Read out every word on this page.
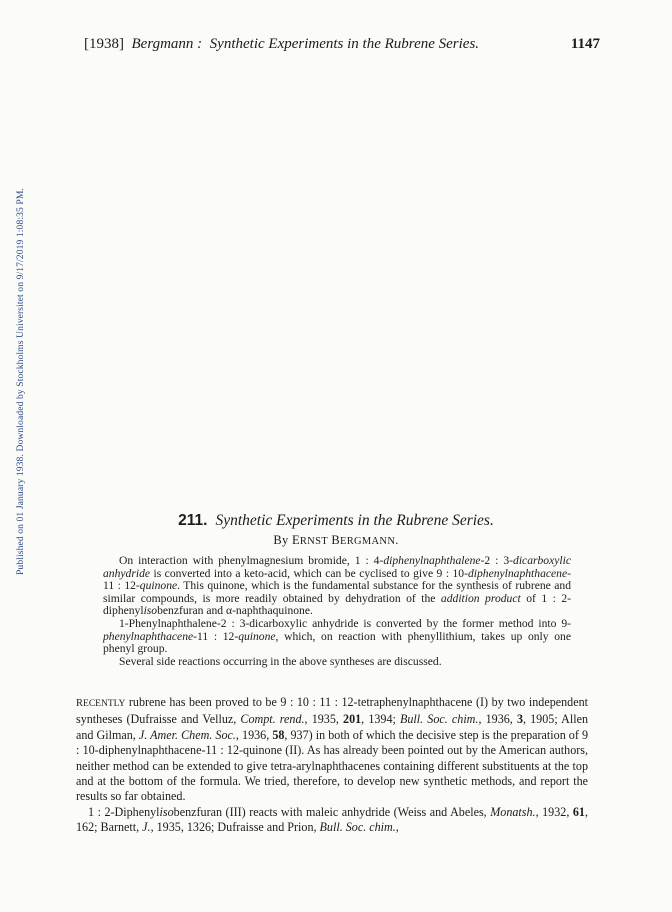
[1938]  Bergmann :  Synthetic Experiments in the Rubrene Series.	1147
Published on 01 January 1938. Downloaded by Stockholms Universitet on 9/17/2019 1:08:35 PM.	211. Synthetic Experiments in the Rubrene Series.
By ERNST BERGMANN.

On interaction with phenylmagnesium bromide, 1 : 4-diphenylnaphthalene-2 : 3-dicarboxylic anhydride is converted into a keto-acid, which can be cyclised to give 9 : 10-diphenylnaphthacene-11 : 12-quinone. This quinone, which is the fundamental substance for the synthesis of rubrene and similar compounds, is more readily obtained by dehydration of the addition product of 1 : 2-diphenylisobenzfuran and α-naphthaquinone.

1-Phenylnaphthalene-2 : 3-dicarboxylic anhydride is converted by the former method into 9-phenylnaphthacene-11 : 12-quinone, which, on reaction with phenyllithium, takes up only one phenyl group.

Several side reactions occurring in the above syntheses are discussed.

RECENTLY rubrene has been proved to be 9 : 10 : 11 : 12-tetraphenylnaphthacene (I) by two independent syntheses (Dufraisse and Velluz, Compt. rend., 1935, 201, 1394; Bull. Soc. chim., 1936, 3, 1905; Allen and Gilman, J. Amer. Chem. Soc., 1936, 58, 937) in both of which the decisive step is the preparation of 9 : 10-diphenylnaphthacene-11 : 12-quinone (II). As has already been pointed out by the American authors, neither method can be extended to give tetra-arylnaphthacenes containing different substituents at the top and at the bottom of the formula. We tried, therefore, to develop new synthetic methods, and report the results so far obtained.

1 : 2-Diphenylisobenzfuran (III) reacts with maleic anhydride (Weiss and Abeles, Monatsh., 1932, 61, 162; Barnett, J., 1935, 1326; Dufraisse and Prion, Bull. Soc. chim.,
